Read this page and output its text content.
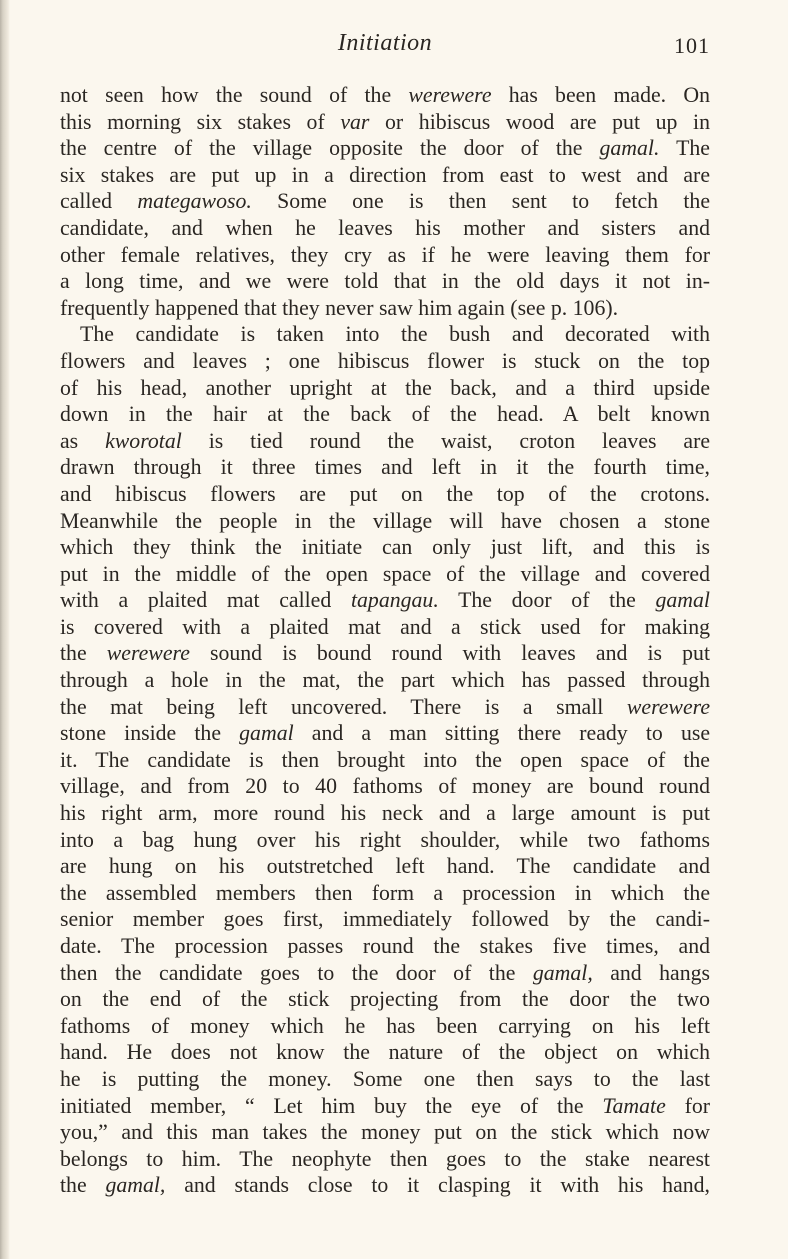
Initiation	101
not seen how the sound of the werewere has been made. On
this morning six stakes of var or hibiscus wood are put up in
the centre of the village opposite the door of the gamal. The
six stakes are put up in a direction from east to west and are
called mategawoso. Some one is then sent to fetch the
candidate, and when he leaves his mother and sisters and
other female relatives, they cry as if he were leaving them for
a long time, and we were told that in the old days it not in-
frequently happened that they never saw him again (see p. 106).
The candidate is taken into the bush and decorated with
flowers and leaves ; one hibiscus flower is stuck on the top
of his head, another upright at the back, and a third upside
down in the hair at the back of the head. A belt known
as kworotal is tied round the waist, croton leaves are
drawn through it three times and left in it the fourth time,
and hibiscus flowers are put on the top of the crotons.
Meanwhile the people in the village will have chosen a stone
which they think the initiate can only just lift, and this is
put in the middle of the open space of the village and covered
with a plaited mat called tapangau. The door of the gamal
is covered with a plaited mat and a stick used for making
the werewere sound is bound round with leaves and is put
through a hole in the mat, the part which has passed through
the mat being left uncovered. There is a small werewere
stone inside the gamal and a man sitting there ready to use
it. The candidate is then brought into the open space of the
village, and from 20 to 40 fathoms of money are bound round
his right arm, more round his neck and a large amount is put
into a bag hung over his right shoulder, while two fathoms
are hung on his outstretched left hand. The candidate and
the assembled members then form a procession in which the
senior member goes first, immediately followed by the candi-
date. The procession passes round the stakes five times, and
then the candidate goes to the door of the gamal, and hangs
on the end of the stick projecting from the door the two
fathoms of money which he has been carrying on his left
hand. He does not know the nature of the object on which
he is putting the money. Some one then says to the last
initiated member, “ Let him buy the eye of the Tamate for
you,” and this man takes the money put on the stick which now
belongs to him. The neophyte then goes to the stake nearest
the gamal, and stands close to it clasping it with his hand,
